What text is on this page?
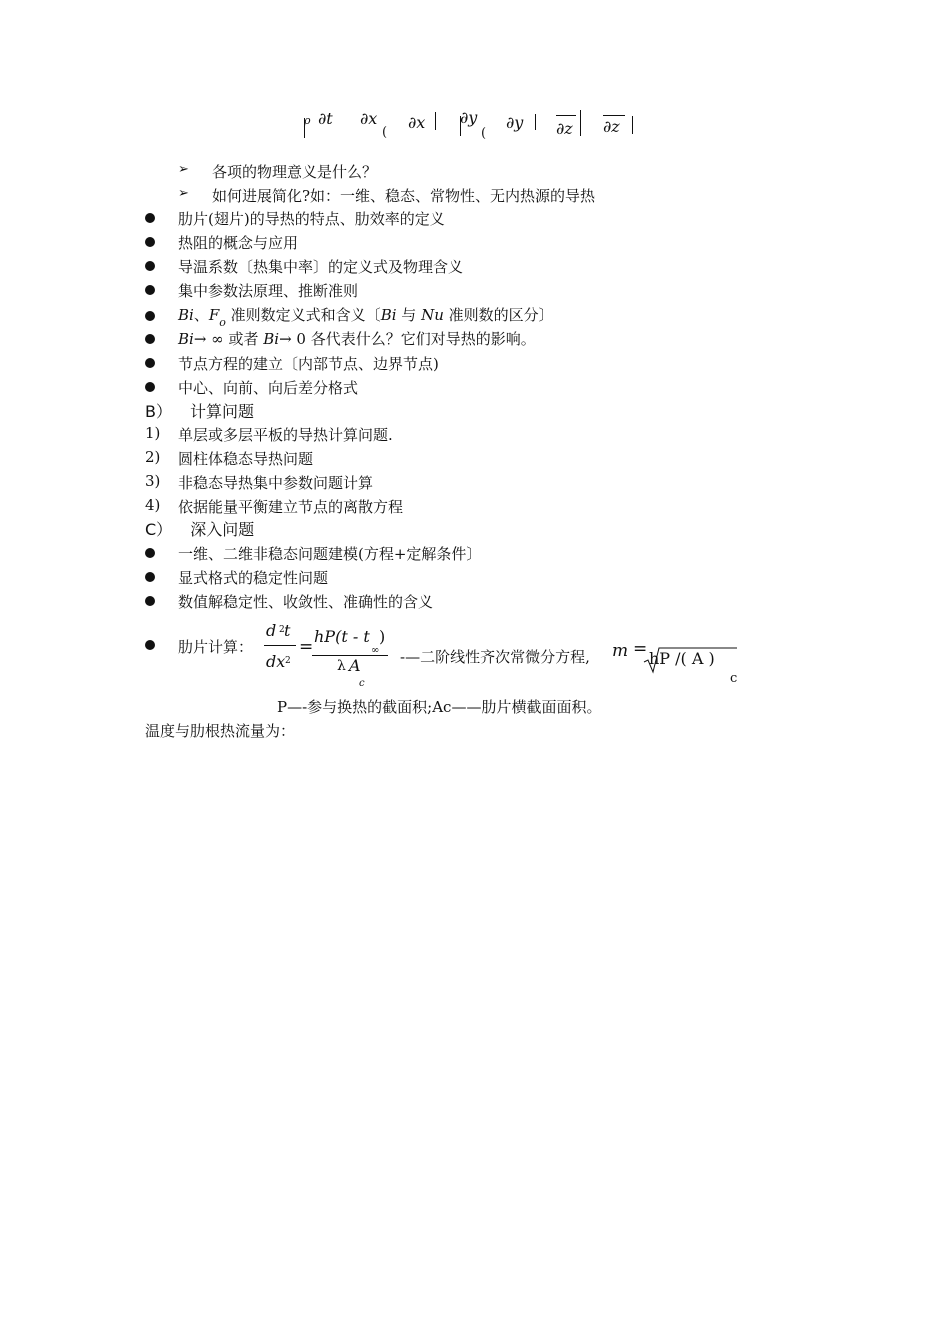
ρ ∂t ∂x
(
∂x ∂y
(
∂y ∂z ∂z
➢ 各项的物理意义是什么？
➢ 如何进展简化?如：一维、稳态、常物性、无内热源的导热
肋片(翅片)的导热的特点、肋效率的定义
热阻的概念与应用
导温系数〔热集中率〕的定义式及物理含义
集中参数法原理、推断准则
Bi、$F_o$ 准则数定义式和含义〔Bi 与 Nu 准则数的区分〕
Bi→ ∞ 或者 Bi→ 0 各代表什么？它们对导热的影响。
节点方程的建立〔内部节点、边界节点)
中心、向前、向后差分格式
B） 计算问题
1) 单层或多层平板的导热计算问题.
2) 圆柱体稳态导热问题
3) 非稳态导热集中参数问题计算
4) 依据能量平衡建立节点的离散方程
C） 深入问题
一维、二维非稳态问题建模(方程+定解条件〕
显式格式的稳定性问题
数值解稳定性、收敛性、准确性的含义
肋片计算：
d 2 t
dx 2
=
hP(t - t )
∞
λ A
c
-—二阶线性齐次常微分方程, m = hP /( A )
c
P—-参与换热的截面积;Ac——肋片横截面面积。
温度与肋根热流量为：
